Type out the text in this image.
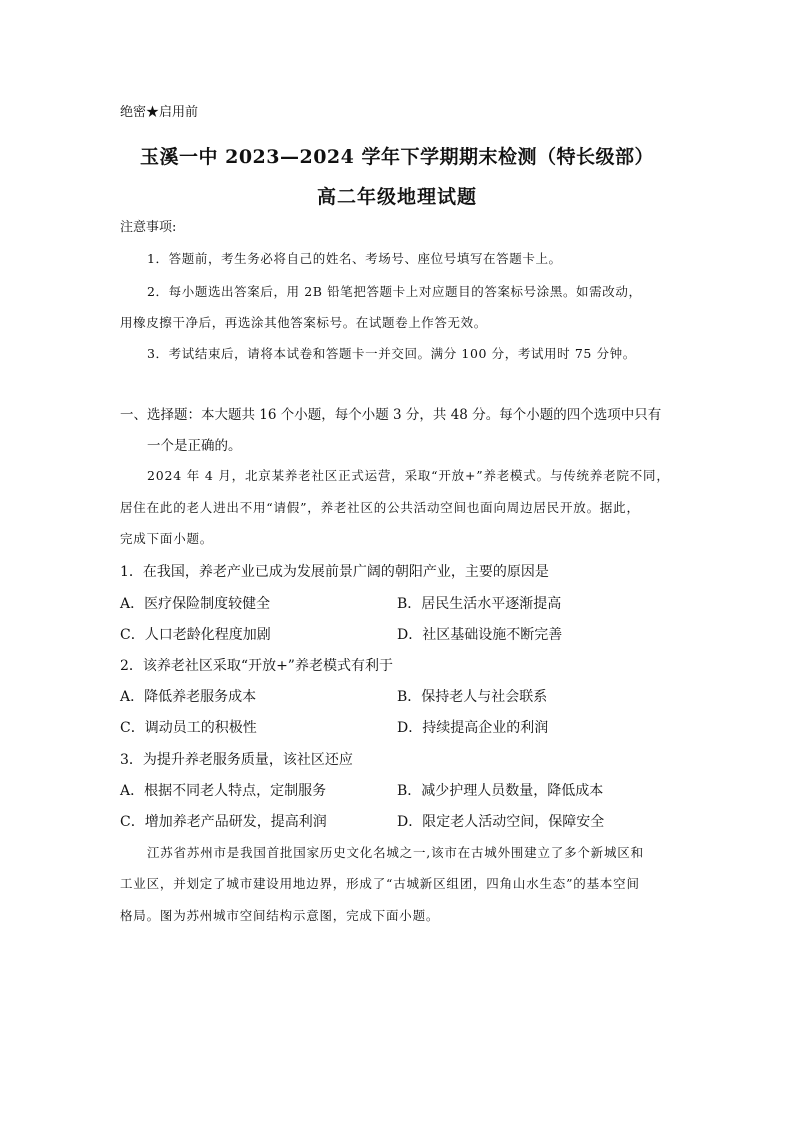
绝密★启用前
玉溪一中 2023—2024 学年下学期期末检测（特长级部）
高二年级地理试题
注意事项:
1．答题前，考生务必将自己的姓名、考场号、座位号填写在答题卡上。
2．每小题选出答案后，用 2B 铅笔把答题卡上对应题目的答案标号涂黑。如需改动，
用橡皮擦干净后，再选涂其他答案标号。在试题卷上作答无效。
3．考试结束后，请将本试卷和答题卡一并交回。满分 100 分，考试用时 75 分钟。
一、选择题：本大题共 16 个小题，每个小题 3 分，共 48 分。每个小题的四个选项中只有
一个是正确的。
2024 年 4 月，北京某养老社区正式运营，采取“开放+”养老模式。与传统养老院不同，
居住在此的老人进出不用“请假”，养老社区的公共活动空间也面向周边居民开放。据此，
完成下面小题。
1．在我国，养老产业已成为发展前景广阔的朝阳产业，主要的原因是
A．医疗保险制度较健全	B．居民生活水平逐渐提高
C．人口老龄化程度加剧	D．社区基础设施不断完善
2．该养老社区采取“开放+”养老模式有利于
A．降低养老服务成本	B．保持老人与社会联系
C．调动员工的积极性	D．持续提高企业的利润
3．为提升养老服务质量，该社区还应
A．根据不同老人特点，定制服务	B．减少护理人员数量，降低成本
C．增加养老产品研发，提高利润	D．限定老人活动空间，保障安全
江苏省苏州市是我国首批国家历史文化名城之一,该市在古城外围建立了多个新城区和
工业区，并划定了城市建设用地边界，形成了“古城新区组团，四角山水生态”的基本空间
格局。图为苏州城市空间结构示意图，完成下面小题。
